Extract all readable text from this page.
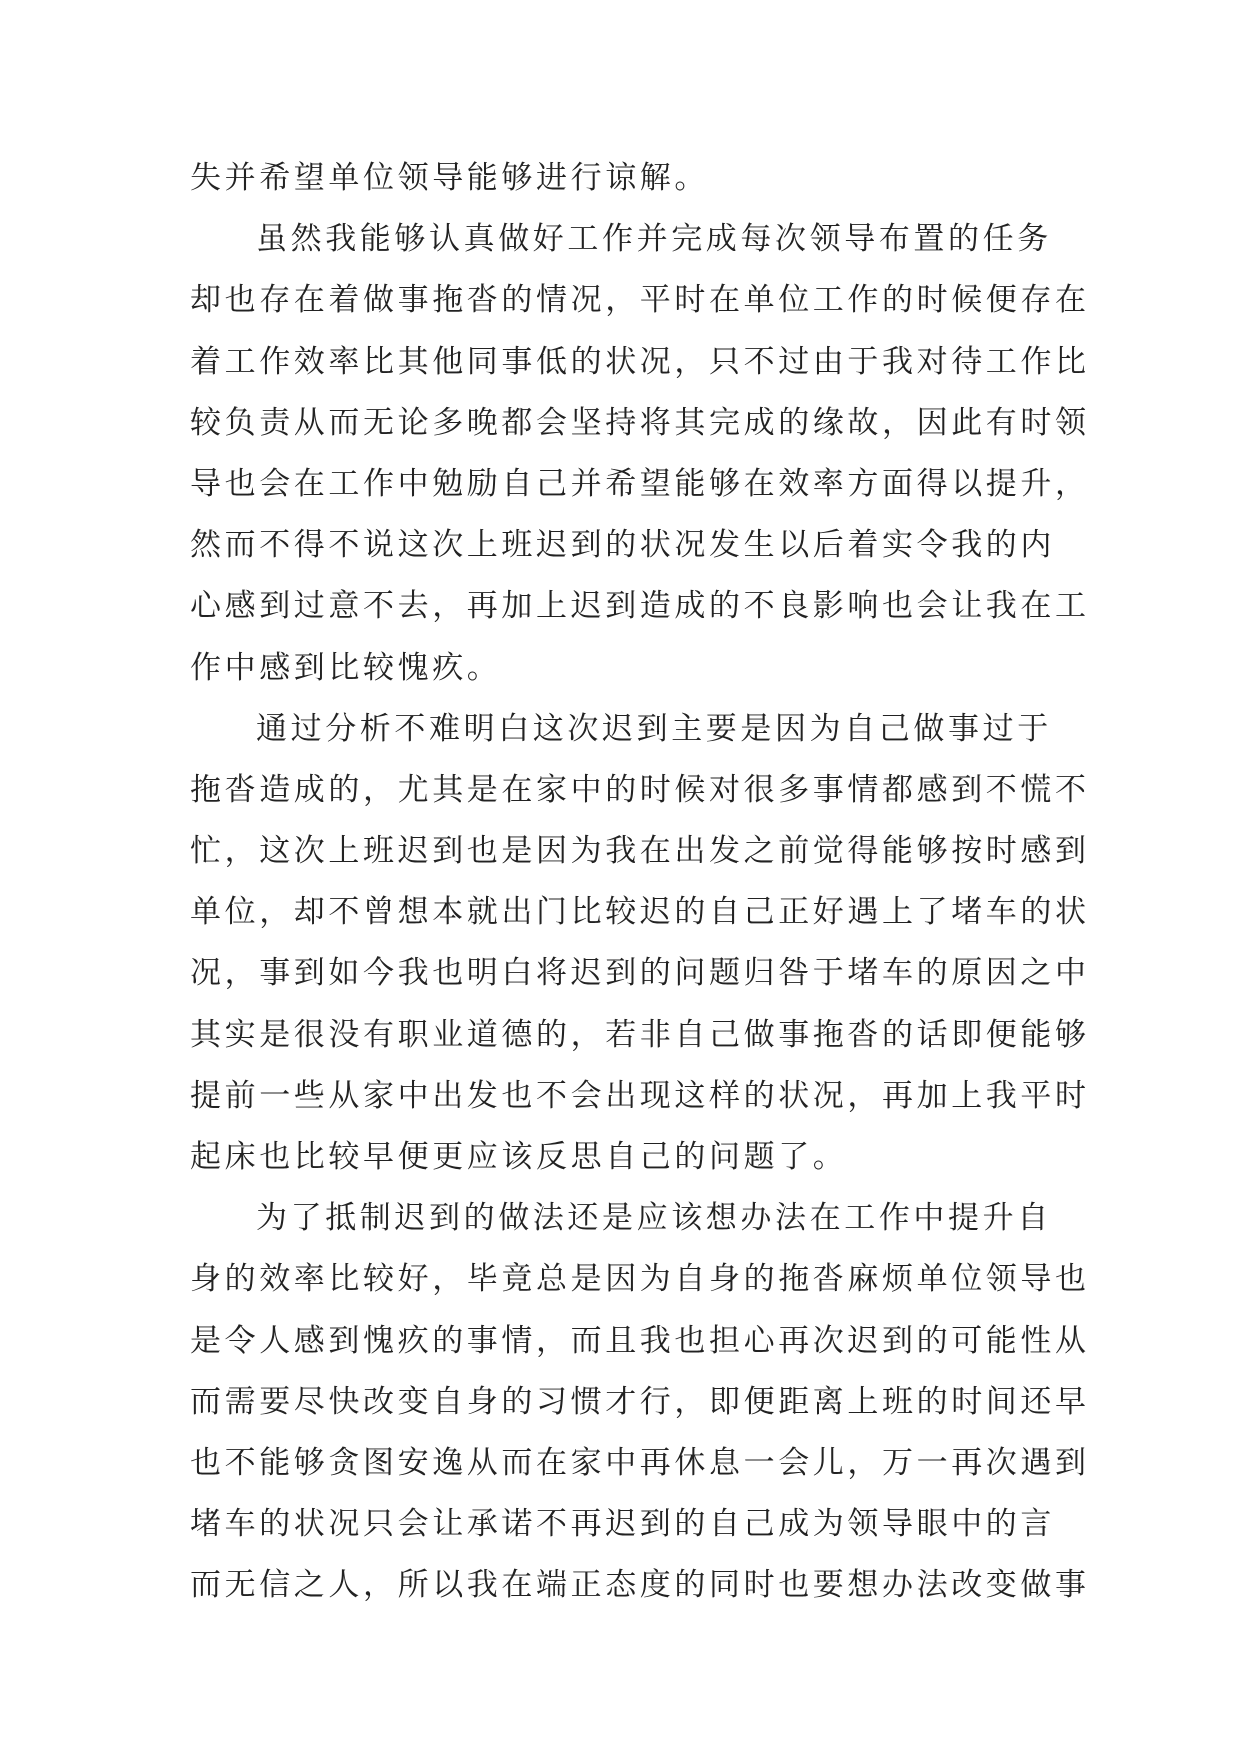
失并希望单位领导能够进行谅解。
虽然我能够认真做好工作并完成每次领导布置的任务
却也存在着做事拖沓的情况，平时在单位工作的时候便存在
着工作效率比其他同事低的状况，只不过由于我对待工作比
较负责从而无论多晚都会坚持将其完成的缘故，因此有时领
导也会在工作中勉励自己并希望能够在效率方面得以提升，
然而不得不说这次上班迟到的状况发生以后着实令我的内
心感到过意不去，再加上迟到造成的不良影响也会让我在工
作中感到比较愧疚。
通过分析不难明白这次迟到主要是因为自己做事过于
拖沓造成的，尤其是在家中的时候对很多事情都感到不慌不
忙，这次上班迟到也是因为我在出发之前觉得能够按时感到
单位，却不曾想本就出门比较迟的自己正好遇上了堵车的状
况，事到如今我也明白将迟到的问题归咎于堵车的原因之中
其实是很没有职业道德的，若非自己做事拖沓的话即便能够
提前一些从家中出发也不会出现这样的状况，再加上我平时
起床也比较早便更应该反思自己的问题了。
为了抵制迟到的做法还是应该想办法在工作中提升自
身的效率比较好，毕竟总是因为自身的拖沓麻烦单位领导也
是令人感到愧疚的事情，而且我也担心再次迟到的可能性从
而需要尽快改变自身的习惯才行，即便距离上班的时间还早
也不能够贪图安逸从而在家中再休息一会儿，万一再次遇到
堵车的状况只会让承诺不再迟到的自己成为领导眼中的言
而无信之人，所以我在端正态度的同时也要想办法改变做事
